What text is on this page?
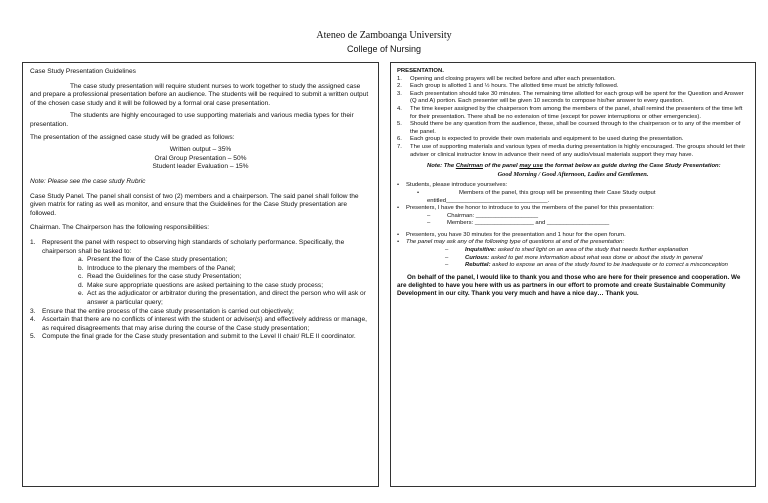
Ateneo de Zamboanga University
College of Nursing

Case Study Presentation Guidelines

The case study presentation will require student nurses to work together to study the assigned case and prepare a professional presentation before an audience. The students will be required to submit a written output of the chosen case study and it will be followed by a formal oral case presentation.

The students are highly encouraged to use supporting materials and various media types for their presentation.

The presentation of the assigned case study will be graded as follows:

Written output – 35%

Oral Group Presentation – 50%

Student leader Evaluation – 15%

Note: Please see the case study Rubric

Case Study Panel. The panel shall consist of two (2) members and a chairperson. The said panel shall follow the given matrix for rating as well as monitor, and ensure that the Guidelines for the Case Study presentation are followed.

Chairman. The Chairperson has the following responsibilities:

1. Represent the panel with respect to observing high standards of scholarly performance. Specifically, the chairperson shall be tasked to:
a. Present the flow of the Case study presentation;
b. Introduce to the plenary the members of the Panel;
c. Read the Guidelines for the case study Presentation;
d. Make sure appropriate questions are asked pertaining to the case study process;
e. Act as the adjudicator or arbitrator during the presentation, and direct the person who will ask or answer a particular query;
3. Ensure that the entire process of the case study presentation is carried out objectively;
4. Ascertain that there are no conflicts of interest with the student or adviser(s) and effectively address or manage, as required disagreements that may arise during the course of the Case study presentation;
5. Compute the final grade for the Case study presentation and submit to the Level II chair/ RLE II coordinator.

PRESENTATION.

1.	Opening and closing prayers will be recited before and after each presentation.
2.	Each group is allotted 1 and ½ hours. The allotted time must be strictly followed.
3.	Each presentation should take 30 minutes. The remaining time allotted for each group will be spent for the Question and Answer (Q and A) portion. Each presenter will be given 10 seconds to compose his/her answer to every question.
4.	The time keeper assigned by the chairperson from among the members of the panel, shall remind the presenters of the time left for their presentation. There shall be no extension of time (except for power interruptions or other emergencies).
5.	Should there be any question from the audience, these, shall be coursed through to the chairperson or to any of the member of the panel.
6.	Each group is expected to provide their own materials and equipment to be used during the presentation.
7.	The use of supporting materials and various types of media during presentation is highly encouraged. The groups should let their adviser or clinical instructor know in advance their need of any audio/visual materials support they may have.

Note: The Chairman of the panel may use the format below as guide during the Case Study Presentation:

Good Morning / Good Afternoon, Ladies and Gentlemen.

•	Students, please introduce yourselves:
•	Members of the panel, this group will be presenting their Case Study output

entitled_______________________________.

•	Presenters, I have the honor to introduce to you the members of the panel for this presentation:
–	Chairman: ___________________
–	Members: __________________ and ___________________
•	Presenters, you have 30 minutes for the presentation and 1 hour for the open forum.
•	The panel may ask any of the following type of questions at end of the presentation:
–	Inquisitive: asked to shed light on an area of the study that needs further explanation
–	Curious: asked to get more information about what was done or about the study in general
–	Rebuttal: asked to expose an area of the study found to be inadequate or to correct a misconception

On behalf of the panel, I would like to thank you and those who are here for their presence and cooperation. We are delighted to have you here with us as partners in our effort to promote and create Sustainable Community Development in our city. Thank you very much and have a nice day… Thank you.
